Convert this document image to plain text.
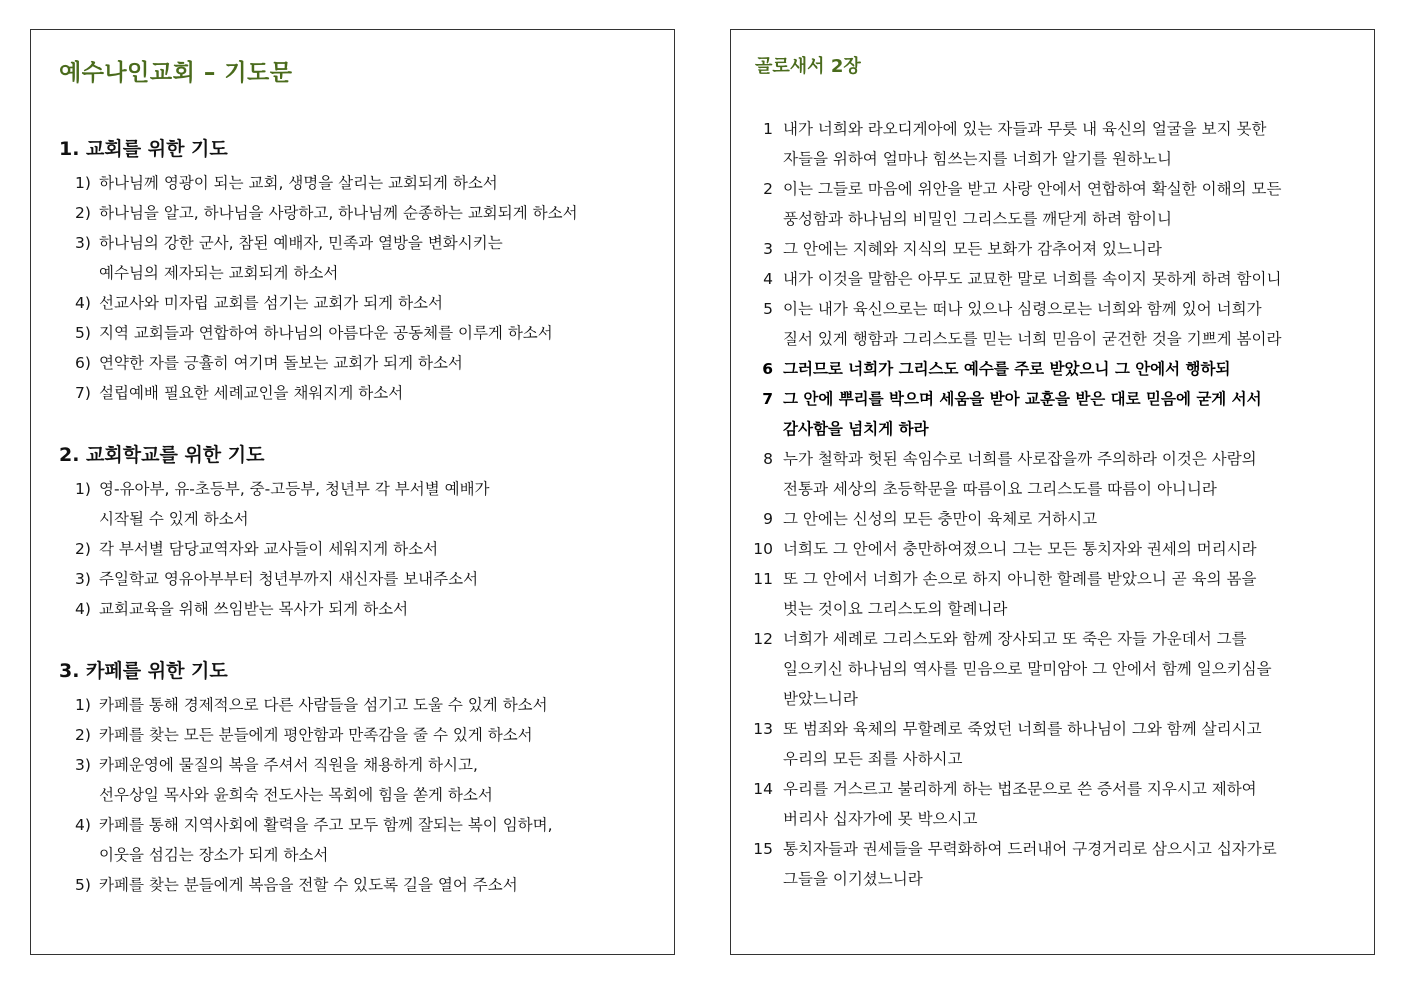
예수나인교회 – 기도문
1. 교회를 위한 기도
1) 하나님께 영광이 되는 교회, 생명을 살리는 교회되게 하소서
2) 하나님을 알고, 하나님을 사랑하고, 하나님께 순종하는 교회되게 하소서
3) 하나님의 강한 군사, 참된 예배자, 민족과 열방을 변화시키는
예수님의 제자되는 교회되게 하소서
4) 선교사와 미자립 교회를 섬기는 교회가 되게 하소서
5) 지역 교회들과 연합하여 하나님의 아름다운 공동체를 이루게 하소서
6) 연약한 자를 긍휼히 여기며 돌보는 교회가 되게 하소서
7) 설립예배 필요한 세례교인을 채워지게 하소서
2. 교회학교를 위한 기도
1) 영-유아부, 유-초등부, 중-고등부, 청년부 각 부서별 예배가
시작될 수 있게 하소서
2) 각 부서별 담당교역자와 교사들이 세워지게 하소서
3) 주일학교 영유아부부터 청년부까지 새신자를 보내주소서
4) 교회교육을 위해 쓰임받는 목사가 되게 하소서
3. 카페를 위한 기도
1) 카페를 통해 경제적으로 다른 사람들을 섬기고 도울 수 있게 하소서
2) 카페를 찾는 모든 분들에게 평안함과 만족감을 줄 수 있게 하소서
3) 카페운영에 물질의 복을 주셔서 직원을 채용하게 하시고,
선우상일 목사와 윤희숙 전도사는 목회에 힘을 쏟게 하소서
4) 카페를 통해 지역사회에 활력을 주고 모두 함께 잘되는 복이 임하며,
이웃을 섬김는 장소가 되게 하소서
5) 카페를 찾는 분들에게 복음을 전할 수 있도록 길을 열어 주소서
골로새서 2장
1 내가 너희와 라오디게아에 있는 자들과 무릇 내 육신의 얼굴을 보지 못한
자들을 위하여 얼마나 힘쓰는지를 너희가 알기를 원하노니
2 이는 그들로 마음에 위안을 받고 사랑 안에서 연합하여 확실한 이해의 모든
풍성함과 하나님의 비밀인 그리스도를 깨닫게 하려 함이니
3 그 안에는 지혜와 지식의 모든 보화가 감추어져 있느니라
4 내가 이것을 말함은 아무도 교묘한 말로 너희를 속이지 못하게 하려 함이니
5 이는 내가 육신으로는 떠나 있으나 심령으로는 너희와 함께 있어 너희가
질서 있게 행함과 그리스도를 믿는 너희 믿음이 굳건한 것을 기쁘게 봄이라
6 그러므로 너희가 그리스도 예수를 주로 받았으니 그 안에서 행하되
7 그 안에 뿌리를 박으며 세움을 받아 교훈을 받은 대로 믿음에 굳게 서서
감사함을 넘치게 하라
8 누가 철학과 헛된 속임수로 너희를 사로잡을까 주의하라 이것은 사람의
전통과 세상의 초등학문을 따름이요 그리스도를 따름이 아니니라
9 그 안에는 신성의 모든 충만이 육체로 거하시고
10 너희도 그 안에서 충만하여졌으니 그는 모든 통치자와 권세의 머리시라
11 또 그 안에서 너희가 손으로 하지 아니한 할례를 받았으니 곧 육의 몸을
벗는 것이요 그리스도의 할례니라
12 너희가 세례로 그리스도와 함께 장사되고 또 죽은 자들 가운데서 그를
일으키신 하나님의 역사를 믿음으로 말미암아 그 안에서 함께 일으키심을
받았느니라
13 또 범죄와 육체의 무할례로 죽었던 너희를 하나님이 그와 함께 살리시고
우리의 모든 죄를 사하시고
14 우리를 거스르고 불리하게 하는 법조문으로 쓴 증서를 지우시고 제하여
버리사 십자가에 못 박으시고
15 통치자들과 권세들을 무력화하여 드러내어 구경거리로 삼으시고 십자가로
그들을 이기셨느니라
